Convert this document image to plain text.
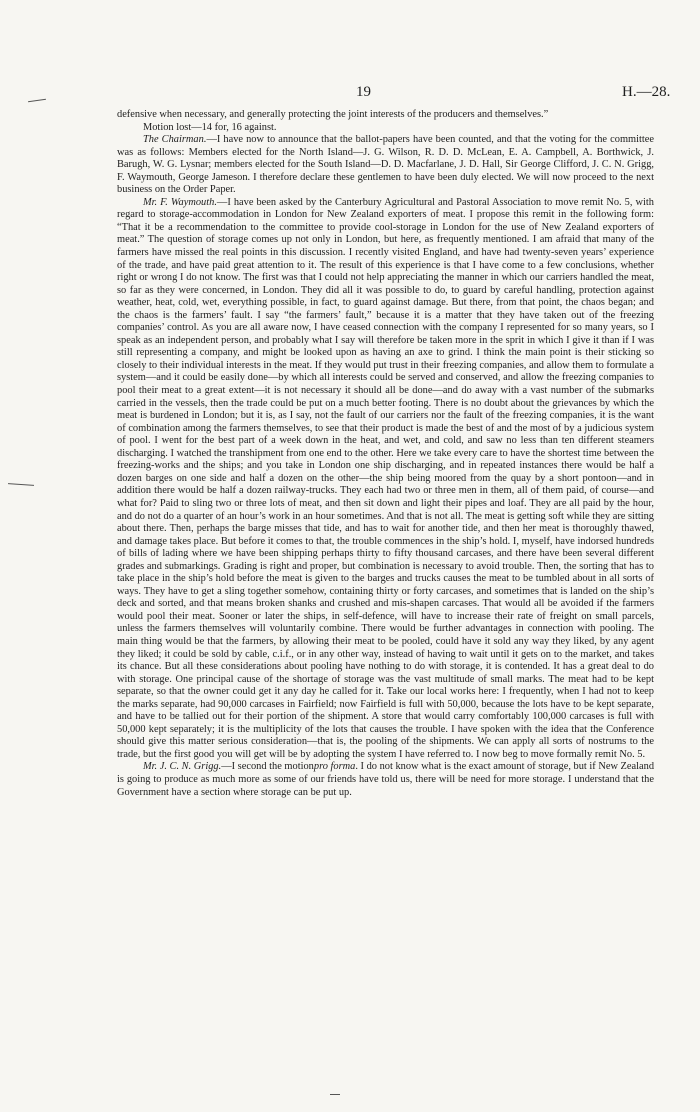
19	H.—28.

defensive when necessary, and generally protecting the joint interests of the producers and themselves.”

Motion lost—14 for, 16 against.

The Chairman.—I have now to announce that the ballot-papers have been counted, and that the voting for the committee was as follows: Members elected for the North Island—J. G. Wilson, R. D. D. McLean, E. A. Campbell, A. Borthwick, J. Barugh, W. G. Lysnar; members elected for the South Island—D. D. Macfarlane, J. D. Hall, Sir George Clifford, J. C. N. Grigg, F. Waymouth, George Jameson. I therefore declare these gentlemen to have been duly elected. We will now proceed to the next business on the Order Paper.

Mr. F. Waymouth.—I have been asked by the Canterbury Agricultural and Pastoral Association to move remit No. 5, with regard to storage-accommodation in London for New Zealand exporters of meat. I propose this remit in the following form: “That it be a recommendation to the committee to provide cool-storage in London for the use of New Zealand exporters of meat.” The question of storage comes up not only in London, but here, as frequently mentioned. I am afraid that many of the farmers have missed the real points in this discussion. I recently visited England, and have had twenty-seven years’ experience of the trade, and have paid great attention to it. The result of this experience is that I have come to a few conclusions, whether right or wrong I do not know. The first was that I could not help appreciating the manner in which our carriers handled the meat, so far as they were concerned, in London. They did all it was possible to do, to guard by careful handling, protection against weather, heat, cold, wet, everything possible, in fact, to guard against damage. But there, from that point, the chaos began; and the chaos is the farmers’ fault. I say “the farmers’ fault,” because it is a matter that they have taken out of the freezing companies’ control. As you are all aware now, I have ceased connection with the company I represented for so many years, so I speak as an independent person, and probably what I say will therefore be taken more in the sprit in which I give it than if I was still representing a company, and might be looked upon as having an axe to grind. I think the main point is their sticking so closely to their individual interests in the meat. If they would put trust in their freezing companies, and allow them to formulate a system—and it could be easily done—by which all interests could be served and conserved, and allow the freezing companies to pool their meat to a great extent—it is not necessary it should all be done—and do away with a vast number of the submarks carried in the vessels, then the trade could be put on a much better footing. There is no doubt about the grievances by which the meat is burdened in London; but it is, as I say, not the fault of our carriers nor the fault of the freezing companies, it is the want of combination among the farmers themselves, to see that their product is made the best of and the most of by a judicious system of pool. I went for the best part of a week down in the heat, and wet, and cold, and saw no less than ten different steamers discharging. I watched the transhipment from one end to the other. Here we take every care to have the shortest time between the freezing-works and the ships; and you take in London one ship discharging, and in repeated instances there would be half a dozen barges on one side and half a dozen on the other—the ship being moored from the quay by a short pontoon—and in addition there would be half a dozen railway-trucks. They each had two or three men in them, all of them paid, of course—and what for? Paid to sling two or three lots of meat, and then sit down and light their pipes and loaf. They are all paid by the hour, and do not do a quarter of an hour’s work in an hour sometimes. And that is not all. The meat is getting soft while they are sitting about there. Then, perhaps the barge misses that tide, and has to wait for another tide, and then her meat is thoroughly thawed, and damage takes place. But before it comes to that, the trouble commences in the ship’s hold. I, myself, have indorsed hundreds of bills of lading where we have been shipping perhaps thirty to fifty thousand carcases, and there have been several different grades and submarkings. Grading is right and proper, but combination is necessary to avoid trouble. Then, the sorting that has to take place in the ship’s hold before the meat is given to the barges and trucks causes the meat to be tumbled about in all sorts of ways. They have to get a sling together somehow, containing thirty or forty carcases, and sometimes that is landed on the ship’s deck and sorted, and that means broken shanks and crushed and mis-shapen carcases. That would all be avoided if the farmers would pool their meat. Sooner or later the ships, in self-defence, will have to increase their rate of freight on small parcels, unless the farmers themselves will voluntarily combine. There would be further advantages in connection with pooling. The main thing would be that the farmers, by allowing their meat to be pooled, could have it sold any way they liked, by any agent they liked; it could be sold by cable, c.i.f., or in any other way, instead of having to wait until it gets on to the market, and takes its chance. But all these considerations about pooling have nothing to do with storage, it is contended. It has a great deal to do with storage. One principal cause of the shortage of storage was the vast multitude of small marks. The meat had to be kept separate, so that the owner could get it any day he called for it. Take our local works here: I frequently, when I had not to keep the marks separate, had 90,000 carcases in Fairfield; now Fairfield is full with 50,000, because the lots have to be kept separate, and have to be tallied out for their portion of the shipment. A store that would carry comfortably 100,000 carcases is full with 50,000 kept separately; it is the multiplicity of the lots that causes the trouble. I have spoken with the idea that the Conference should give this matter serious consideration—that is, the pooling of the shipments. We can apply all sorts of nostrums to the trade, but the first good you will get will be by adopting the system I have referred to. I now beg to move formally remit No. 5.

Mr. J. C. N. Grigg.—I second the motionpro forma. I do not know what is the exact amount of storage, but if New Zealand is going to produce as much more as some of our friends have told us, there will be need for more storage. I understand that the Government have a section where storage can be put up.
